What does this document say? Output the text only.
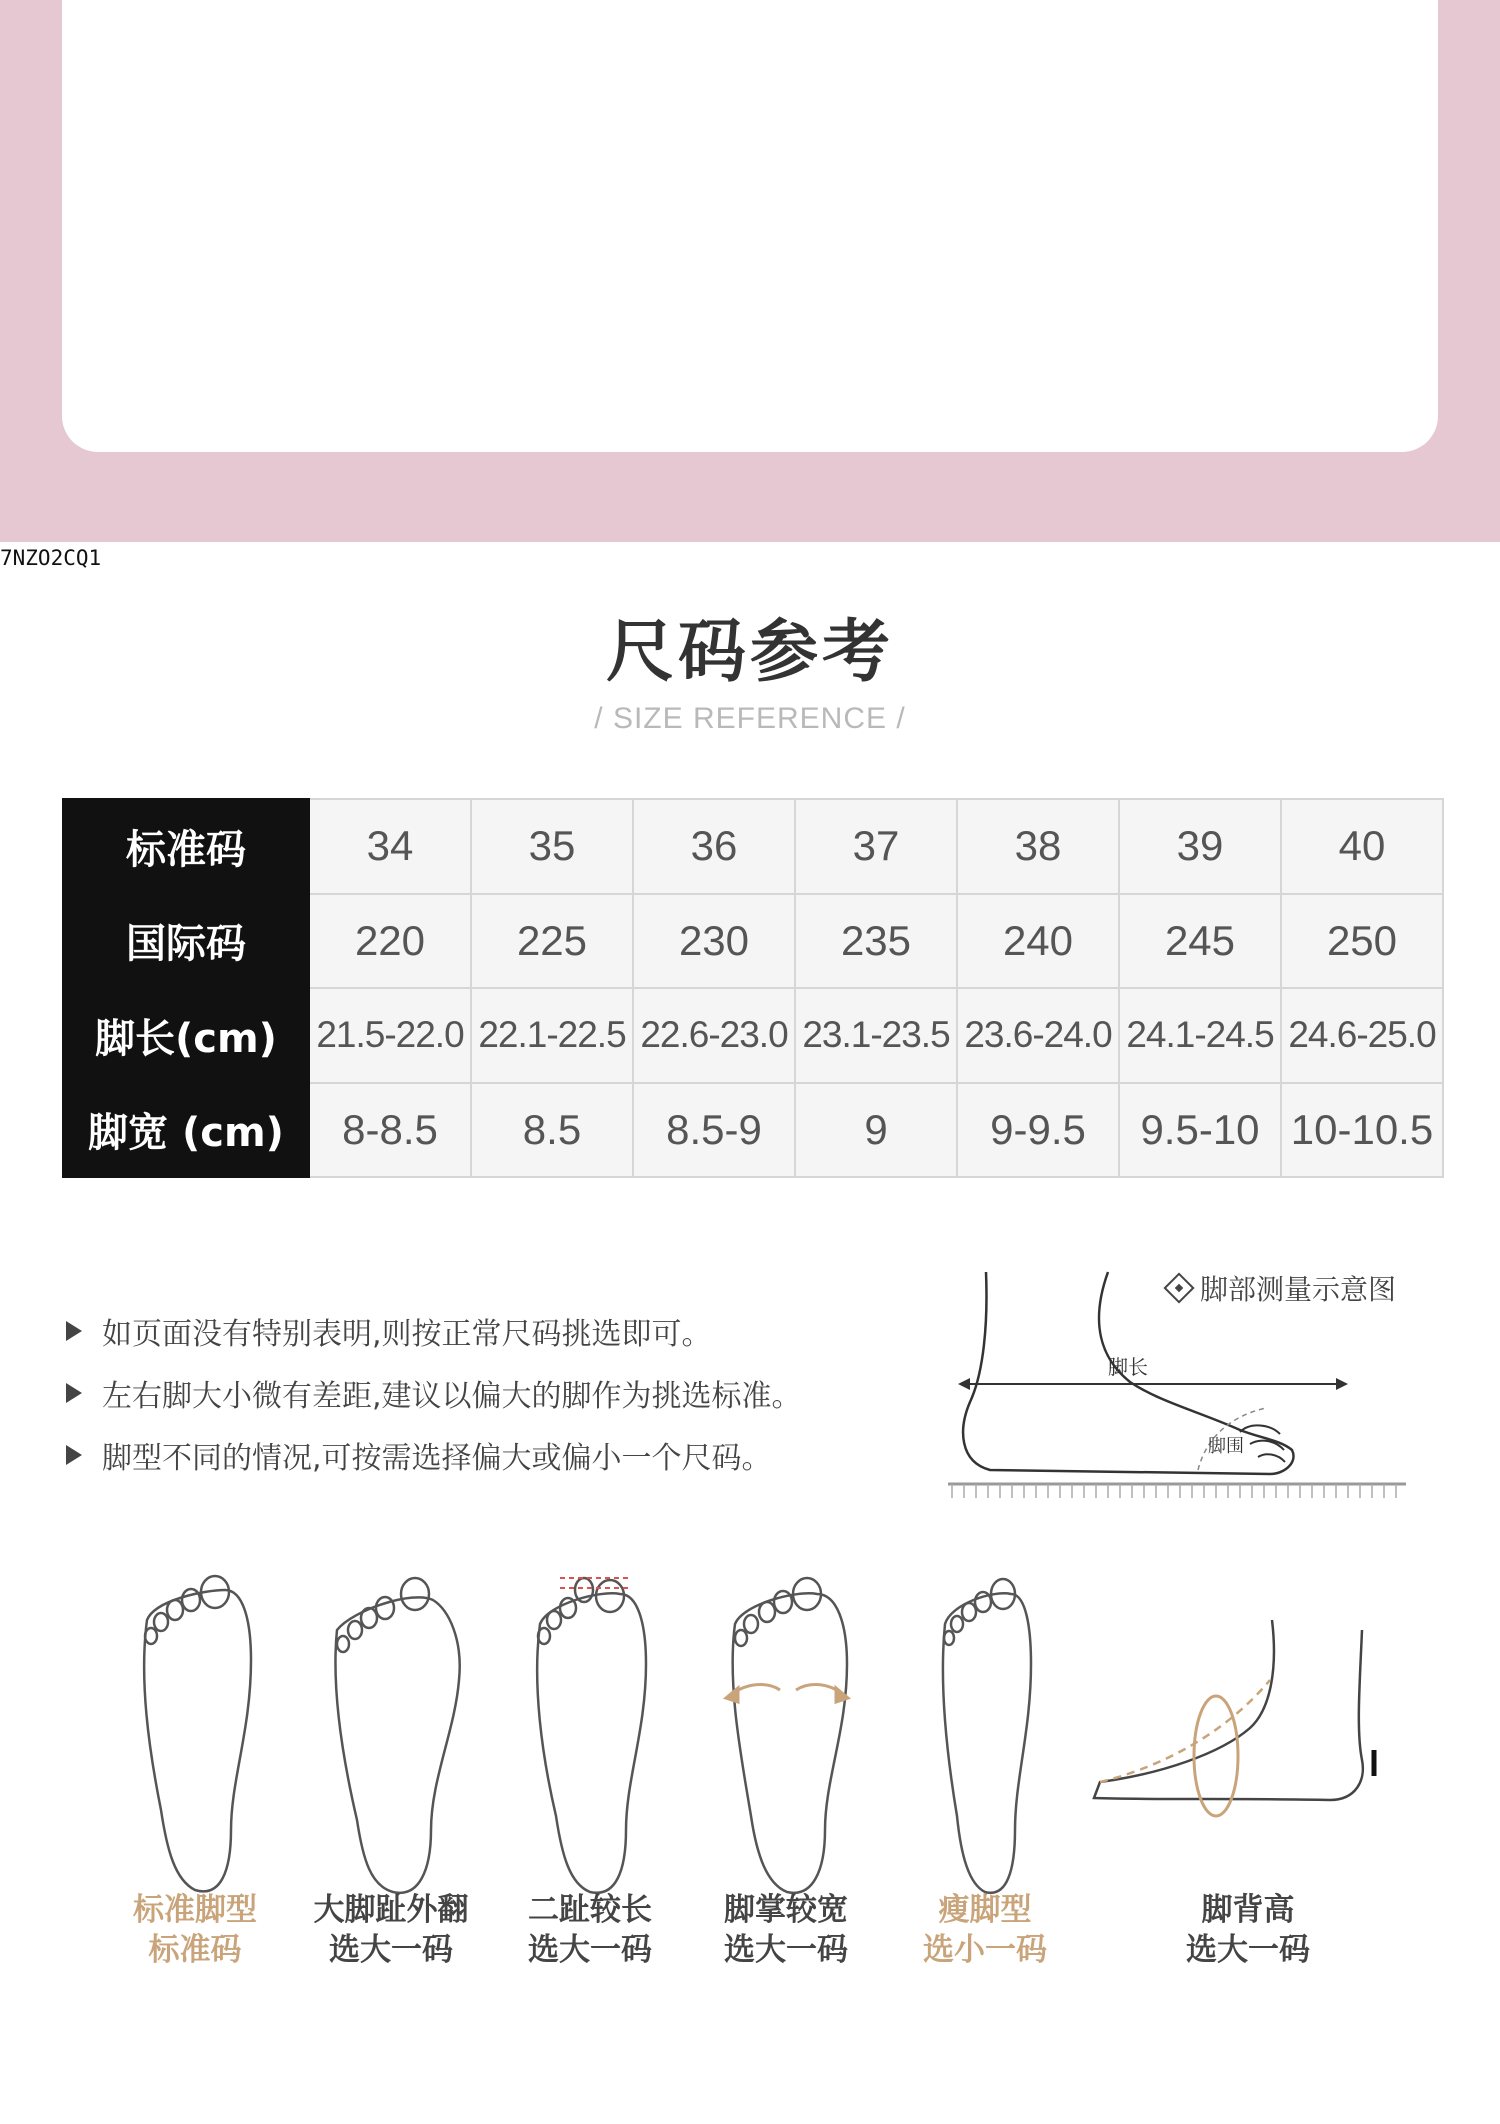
7NZO2CQ1
尺码参考
/ SIZE REFERENCE /
标准码	34	35	36	37	38	39	40
国际码	220	225	230	235	240	245	250
脚长(cm)	21.5-22.0	22.1-22.5	22.6-23.0	23.1-23.5	23.6-24.0	24.1-24.5	24.6-25.0
脚宽 (cm)	8-8.5	8.5	8.5-9	9	9-9.5	9.5-10	10-10.5
如页面没有特别表明,则按正常尺码挑选即可。
左右脚大小微有差距,建议以偏大的脚作为挑选标准。
脚型不同的情况,可按需选择偏大或偏小一个尺码。
脚部测量示意图
脚长
脚围
标准脚型
标准码
大脚趾外翻
选大一码
二趾较长
选大一码
脚掌较宽
选大一码
瘦脚型
选小一码
脚背高
选大一码
